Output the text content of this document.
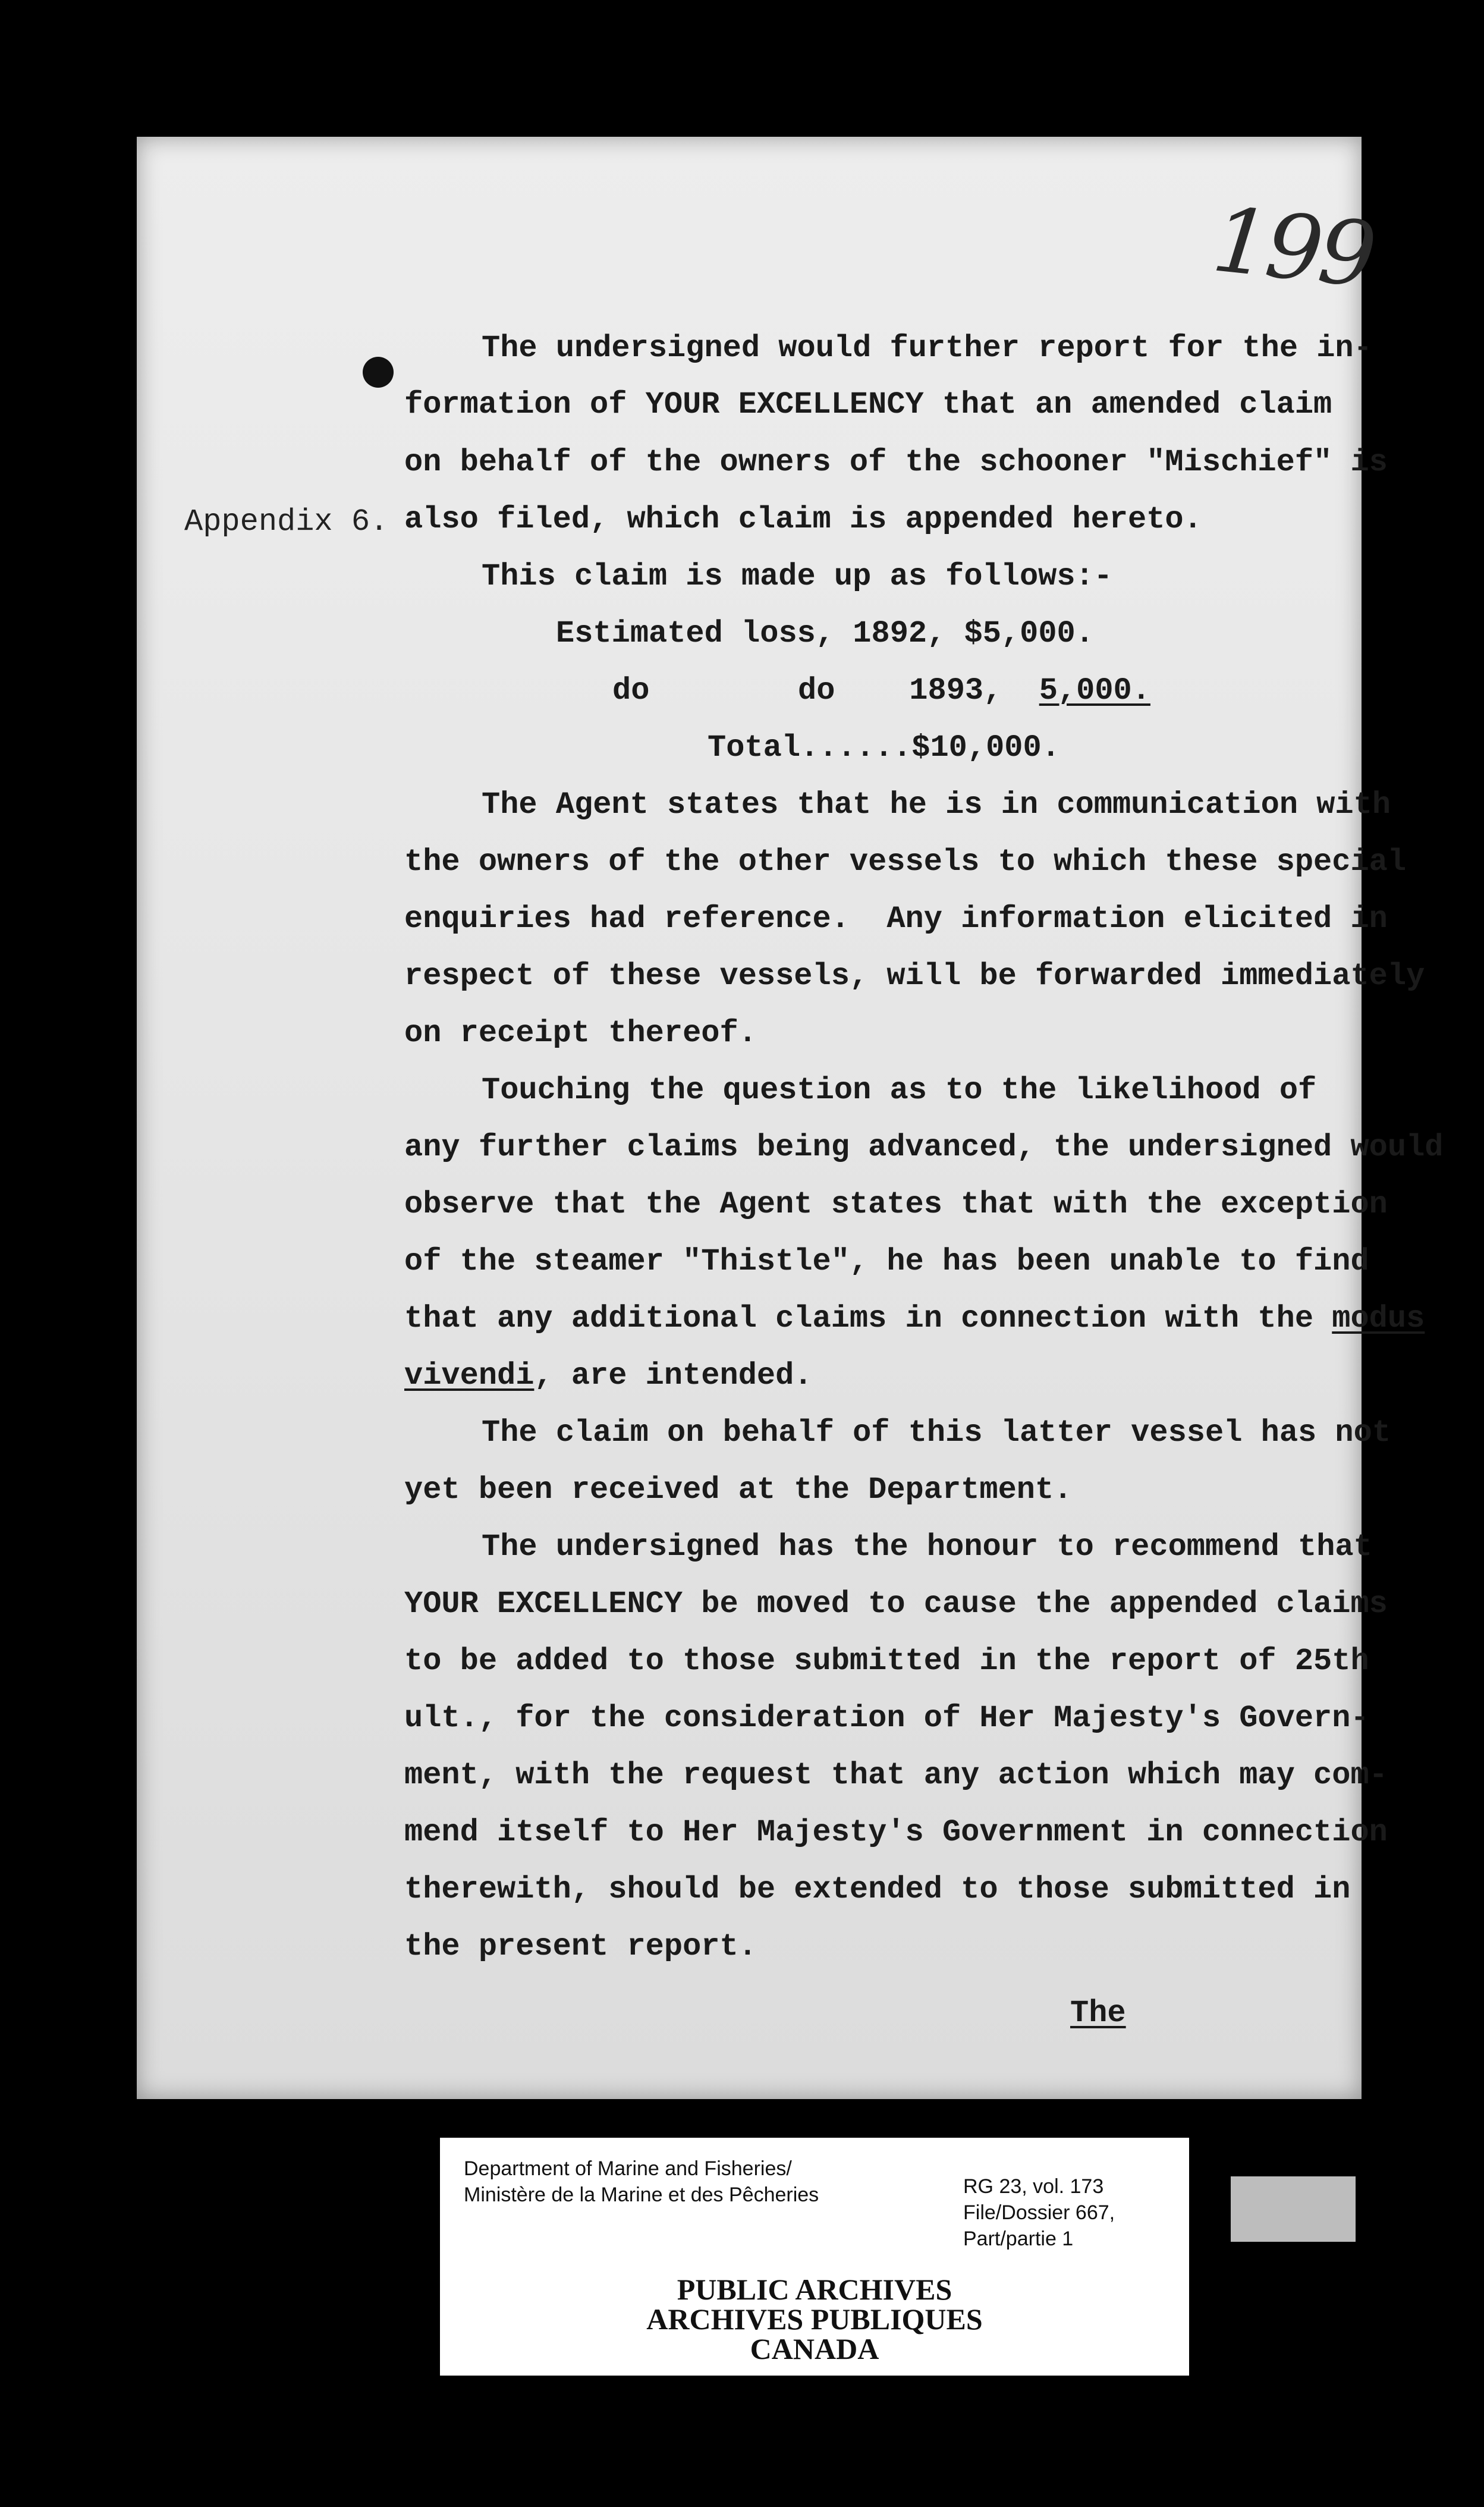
199
Appendix 6.
The undersigned would further report for the in-
formation of YOUR EXCELLENCY that an amended claim
on behalf of the owners of the schooner "Mischief" is
also filed, which claim is appended hereto.
This claim is made up as follows:-
Estimated loss, 1892, $5,000.
do        do    1893,  5,000.
Total......$10,000.
The Agent states that he is in communication with
the owners of the other vessels to which these special
enquiries had reference.  Any information elicited in
respect of these vessels, will be forwarded immediately
on receipt thereof.
Touching the question as to the likelihood of
any further claims being advanced, the undersigned would
observe that the Agent states that with the exception
of the steamer "Thistle", he has been unable to find
that any additional claims in connection with the modus
vivendi, are intended.
The claim on behalf of this latter vessel has not
yet been received at the Department.
The undersigned has the honour to recommend that
YOUR EXCELLENCY be moved to cause the appended claims
to be added to those submitted in the report of 25th
ult., for the consideration of Her Majesty's Govern-
ment, with the request that any action which may com-
mend itself to Her Majesty's Government in connection
therewith, should be extended to those submitted in
the present report.
The
Department of Marine and Fisheries/
Ministère de la Marine et des Pêcheries	RG 23, vol. 173
File/Dossier 667,
Part/partie 1
PUBLIC ARCHIVES
ARCHIVES PUBLIQUES
CANADA
